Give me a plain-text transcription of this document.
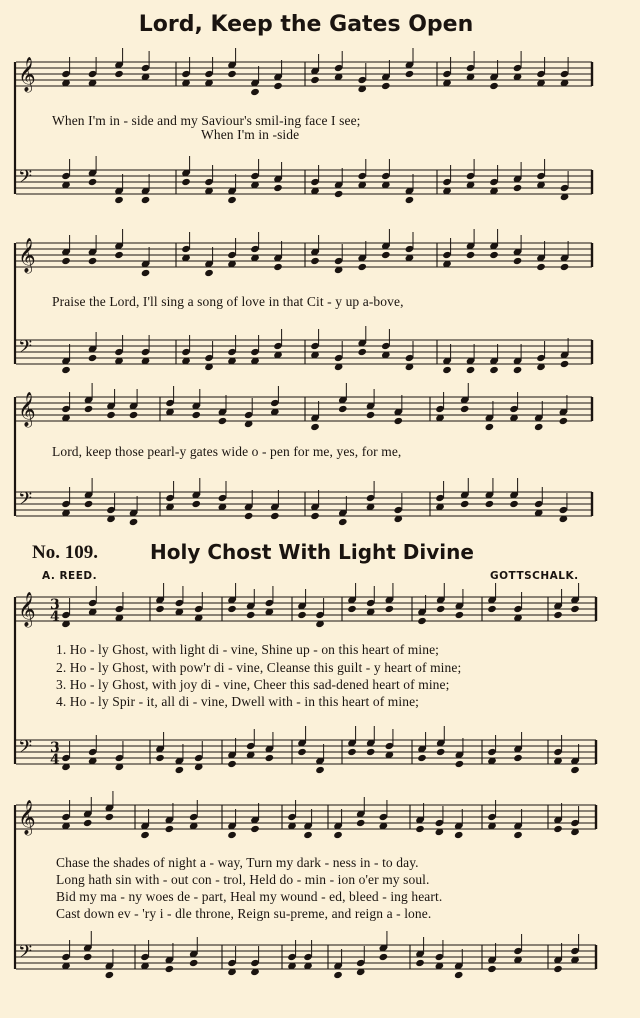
Lord, Keep the Gates Open
𝄞
𝄢
𝄞
𝄢
𝄞
𝄢
𝄞
𝄢
𝄞
𝄢
3
4
3
4
When I'm in - side and my Saviour's smil-ing face I see;
When I'm in -side
Praise the Lord, I'll sing a song of love in that Cit - y up a-bove,
Lord, keep those pearl-y gates wide o - pen for me, yes, for me,
No. 109.	Holy Chost With Light Divine
A. REED.	GOTTSCHALK.
1. Ho - ly Ghost, with light di - vine, Shine up - on this heart of mine;
2. Ho - ly Ghost, with pow'r di - vine, Cleanse this guilt - y heart of mine;
3. Ho - ly Ghost, with joy di - vine, Cheer this sad-dened heart of mine;
4. Ho - ly Spir - it, all di - vine, Dwell with - in this heart of mine;
Chase the shades of night a - way, Turn my dark - ness in - to day.
Long hath sin with - out con - trol, Held do - min - ion o'er my soul.
Bid my ma - ny woes de - part, Heal my wound - ed, bleed - ing heart.
Cast down ev - 'ry i - dle throne, Reign su-preme, and reign a - lone.
